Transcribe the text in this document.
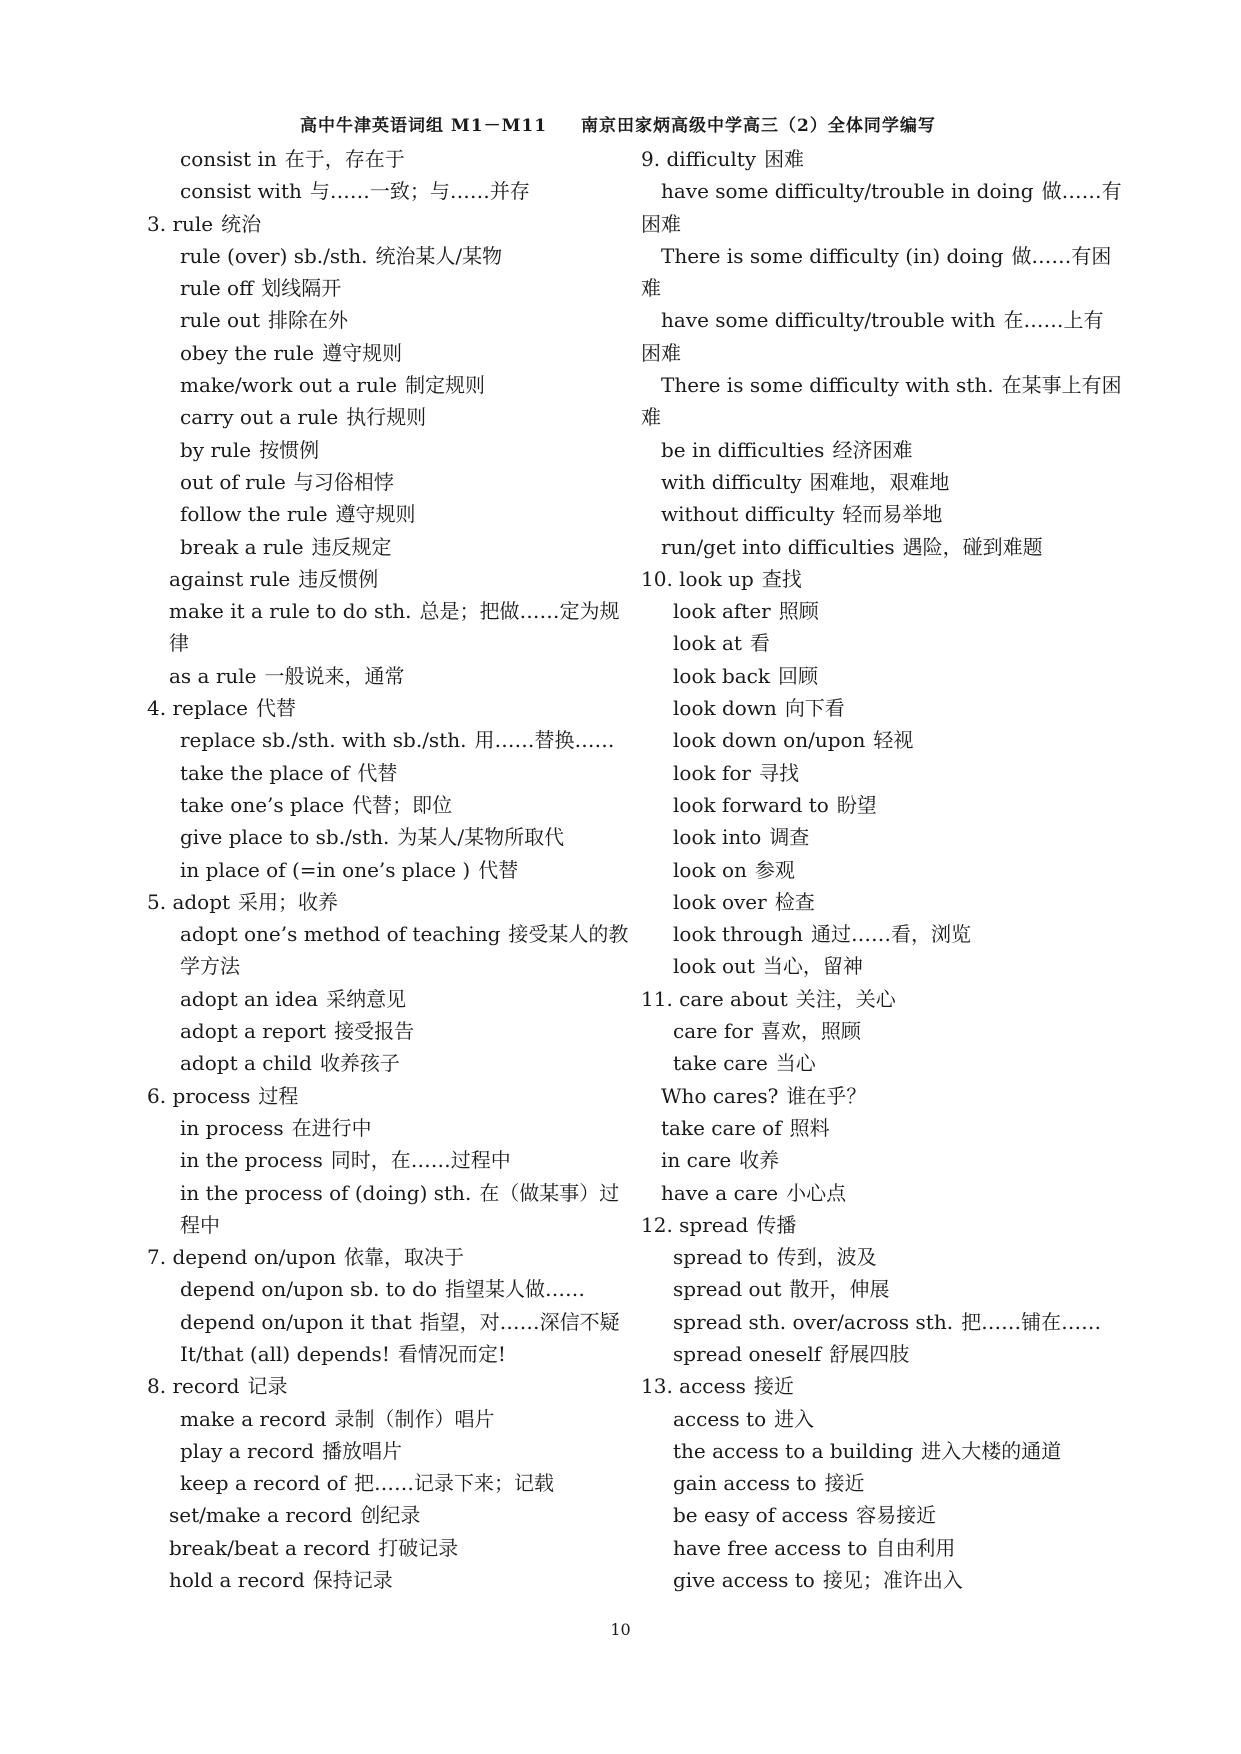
高中牛津英语词组 M1－M11 南京田家炳高级中学高三（2）全体同学编写
consist in 在于，存在于
consist with 与……一致；与……并存
3. rule 统治
rule (over) sb./sth. 统治某人/某物
rule off 划线隔开
rule out 排除在外
obey the rule 遵守规则
make/work out a rule 制定规则
carry out a rule 执行规则
by rule 按惯例
out of rule 与习俗相悖
follow the rule 遵守规则
break a rule 违反规定
against rule 违反惯例
make it a rule to do sth. 总是；把做……定为规
律
as a rule 一般说来，通常
4. replace 代替
replace sb./sth. with sb./sth. 用……替换……
take the place of 代替
take one’s place 代替；即位
give place to sb./sth. 为某人/某物所取代
in place of (=in one’s place ) 代替
5. adopt 采用；收养
adopt one’s method of teaching 接受某人的教
学方法
adopt an idea 采纳意见
adopt a report 接受报告
adopt a child 收养孩子
6. process 过程
in process 在进行中
in the process 同时，在……过程中
in the process of (doing) sth. 在（做某事）过
程中
7. depend on/upon 依靠，取决于
depend on/upon sb. to do 指望某人做……
depend on/upon it that 指望，对……深信不疑
It/that (all) depends! 看情况而定!
8. record 记录
make a record 录制（制作）唱片
play a record 播放唱片
keep a record of 把……记录下来；记载
set/make a record 创纪录
break/beat a record 打破记录
hold a record 保持记录
9. difficulty 困难
have some difficulty/trouble in doing 做……有
困难
There is some difficulty (in) doing 做……有困
难
have some difficulty/trouble with 在……上有
困难
There is some difficulty with sth. 在某事上有困
难
be in difficulties 经济困难
with difficulty 困难地，艰难地
without difficulty 轻而易举地
run/get into difficulties 遇险，碰到难题
10. look up 查找
look after 照顾
look at 看
look back 回顾
look down 向下看
look down on/upon 轻视
look for 寻找
look forward to 盼望
look into 调查
look on 参观
look over 检查
look through 通过……看，浏览
look out 当心，留神
11. care about 关注，关心
care for 喜欢，照顾
take care 当心
Who cares? 谁在乎？
take care of 照料
in care 收养
have a care 小心点
12. spread 传播
spread to 传到，波及
spread out 散开，伸展
spread sth. over/across sth. 把……铺在……
spread oneself 舒展四肢
13. access 接近
access to 进入
the access to a building 进入大楼的通道
gain access to 接近
be easy of access 容易接近
have free access to 自由利用
give access to 接见；准许出入
10
